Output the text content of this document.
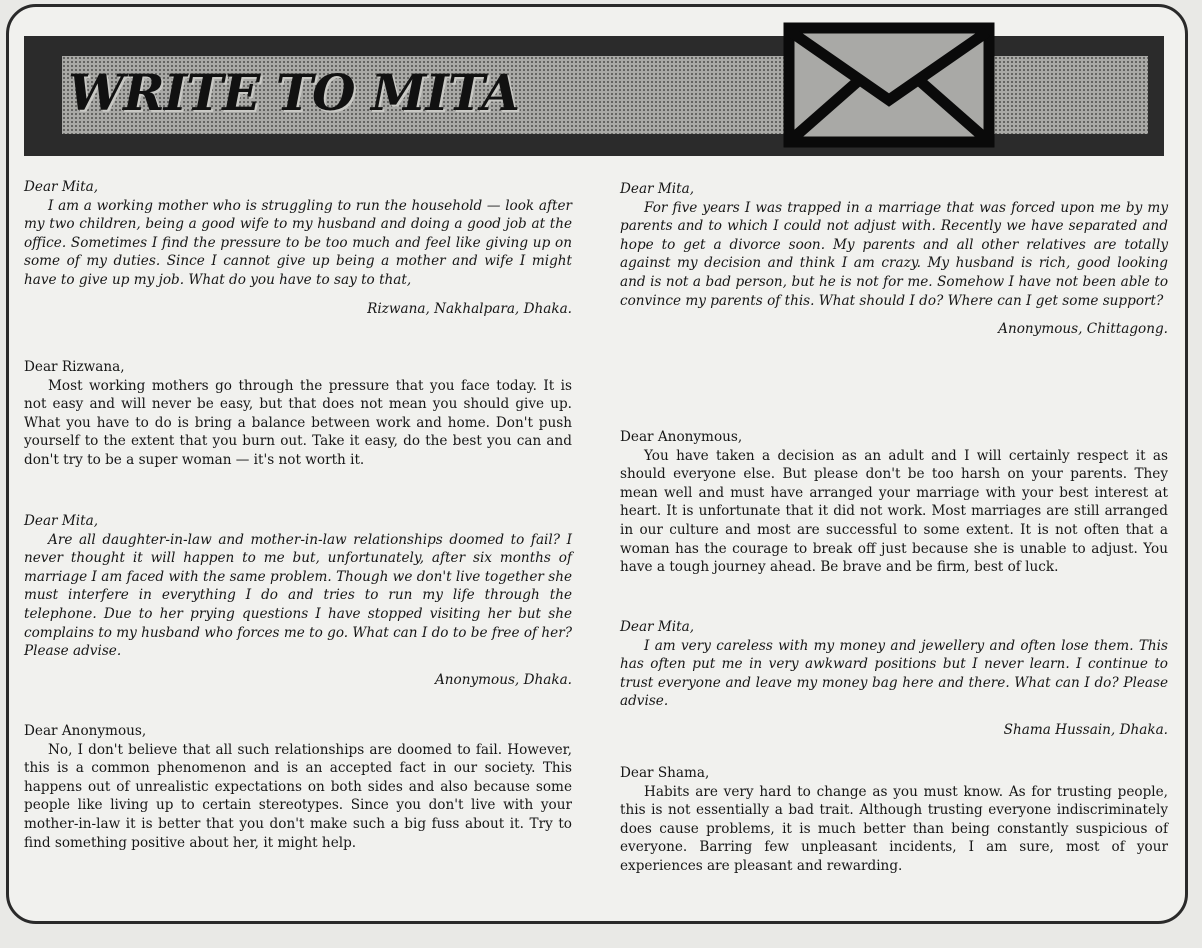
WRITE TO MITA
Dear Mita,

I am a working mother who is struggling to run the household — look after my two children, being a good wife to my husband and doing a good job at the office. Sometimes I find the pressure to be too much and feel like giving up on some of my duties. Since I cannot give up being a mother and wife I might have to give up my job. What do you have to say to that,

Rizwana, Nakhalpara, Dhaka.
Dear Rizwana,

Most working mothers go through the pressure that you face today. It is not easy and will never be easy, but that does not mean you should give up. What you have to do is bring a balance between work and home. Don't push yourself to the extent that you burn out. Take it easy, do the best you can and don't try to be a super woman — it's not worth it.

Dear Mita,

Are all daughter-in-law and mother-in-law relationships doomed to fail? I never thought it will happen to me but, unfortunately, after six months of marriage I am faced with the same problem. Though we don't live together she must interfere in everything I do and tries to run my life through the telephone. Due to her prying questions I have stopped visiting her but she complains to my husband who forces me to go. What can I do to be free of her? Please advise.

Anonymous, Dhaka.
Dear Anonymous,

No, I don't believe that all such relationships are doomed to fail. However, this is a common phenomenon and is an accepted fact in our society. This happens out of unrealistic expectations on both sides and also because some people like living up to certain stereotypes. Since you don't live with your mother-in-law it is better that you don't make such a big fuss about it. Try to find something positive about her, it might help.

Dear Mita,

For five years I was trapped in a marriage that was forced upon me by my parents and to which I could not adjust with. Recently we have separated and hope to get a divorce soon. My parents and all other relatives are totally against my decision and think I am crazy. My husband is rich, good looking and is not a bad person, but he is not for me. Somehow I have not been able to convince my parents of this. What should I do? Where can I get some support?

Anonymous, Chittagong.
Dear Anonymous,

You have taken a decision as an adult and I will certainly respect it as should everyone else. But please don't be too harsh on your parents. They mean well and must have arranged your marriage with your best interest at heart. It is unfortunate that it did not work. Most marriages are still arranged in our culture and most are successful to some extent. It is not often that a woman has the courage to break off just because she is unable to adjust. You have a tough journey ahead. Be brave and be firm, best of luck.

Dear Mita,

I am very careless with my money and jewellery and often lose them. This has often put me in very awkward positions but I never learn. I continue to trust everyone and leave my money bag here and there. What can I do? Please advise.

Shama Hussain, Dhaka.
Dear Shama,

Habits are very hard to change as you must know. As for trusting people, this is not essentially a bad trait. Although trusting everyone indiscriminately does cause problems, it is much better than being constantly suspicious of everyone. Barring few unpleasant incidents, I am sure, most of your experiences are pleasant and rewarding.
